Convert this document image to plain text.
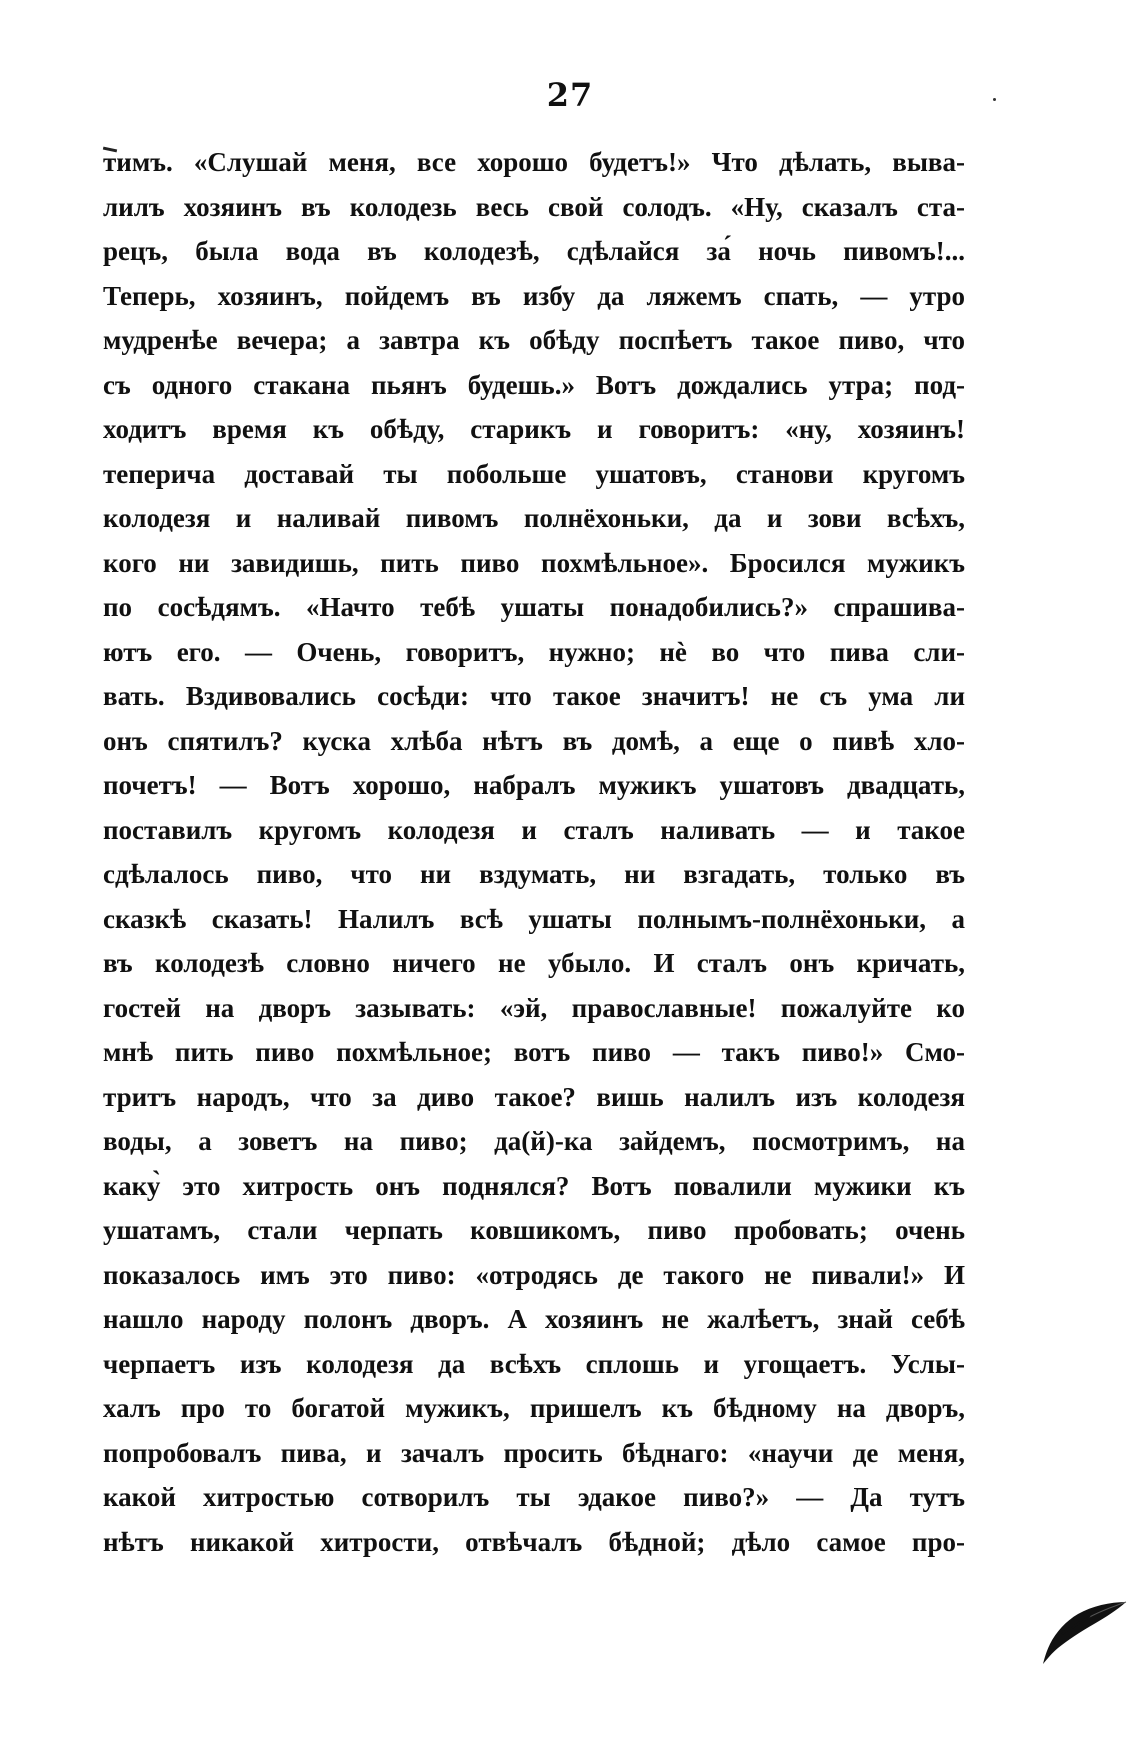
27
тимъ. «Слушай меня, все хорошо будетъ!» Что дѣлать, выва-
лилъ хозяинъ въ колодезь весь свой солодъ. «Ну, сказалъ ста-
рецъ, была вода въ колодезѣ, сдѣлайся за́ ночь пивомъ!...
Теперь, хозяинъ, пойдемъ въ избу да ляжемъ спать, — утро
мудренѣе вечера; а завтра къ обѣду поспѣетъ такое пиво, что
съ одного стакана пьянъ будешь.» Вотъ дождались утра; под-
ходитъ время къ обѣду, старикъ и говоритъ: «ну, хозяинъ!
теперича доставай ты побольше ушатовъ, станови кругомъ
колодезя и наливай пивомъ полнёхоньки, да и зови всѣхъ,
кого ни завидишь, пить пиво похмѣльное». Бросился мужикъ
по сосѣдямъ. «Начто тебѣ ушаты понадобились?» спрашива-
ютъ его. — Очень, говоритъ, нужно; нѐ во что пива сли-
вать. Вздивовались сосѣди: что такое значитъ! не съ ума ли
онъ спятилъ? куска хлѣба нѣтъ въ домѣ, а еще о пивѣ хло-
почетъ! — Вотъ хорошо, набралъ мужикъ ушатовъ двадцать,
поставилъ кругомъ колодезя и сталъ наливать — и такое
сдѣлалось пиво, что ни вздумать, ни взгадать, только въ
сказкѣ сказать! Налилъ всѣ ушаты полнымъ-полнёхоньки, а
въ колодезѣ словно ничего не убыло. И сталъ онъ кричать,
гостей на дворъ зазывать: «эй, православные! пожалуйте ко
мнѣ пить пиво похмѣльное; вотъ пиво — такъ пиво!» Смо-
тритъ народъ, что за диво такое? вишь налилъ изъ колодезя
воды, а зоветъ на пиво; да(й)-ка зайдемъ, посмотримъ, на
каку̀ это хитрость онъ поднялся? Вотъ повалили мужики къ
ушатамъ, стали черпать ковшикомъ, пиво пробовать; очень
показалось имъ это пиво: «отродясь де такого не пивали!» И
нашло народу полонъ дворъ. А хозяинъ не жалѣетъ, знай себѣ
черпаетъ изъ колодезя да всѣхъ сплошь и угощаетъ. Услы-
халъ про то богатой мужикъ, пришелъ къ бѣдному на дворъ,
попробовалъ пива, и зачалъ просить бѣднаго: «научи де меня,
какой хитростью сотворилъ ты эдакое пиво?» — Да тутъ
нѣтъ никакой хитрости, отвѣчалъ бѣдной; дѣло самое про-
